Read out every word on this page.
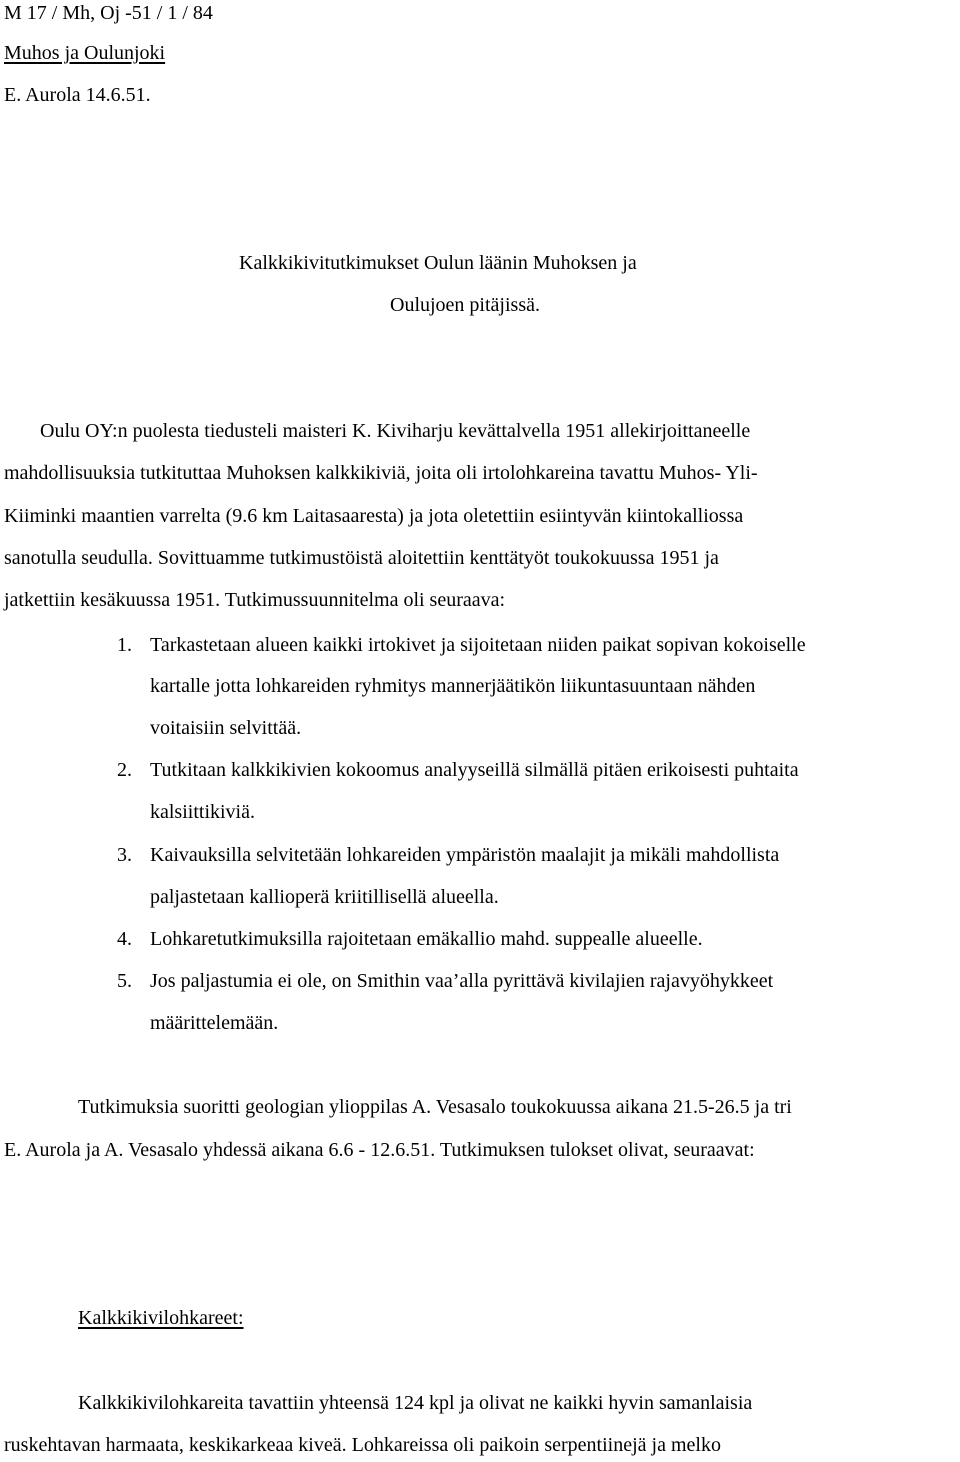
M 17 / Mh, Oj -51 / 1 / 84
Muhos ja Oulunjoki
E. Aurola 14.6.51.
Kalkkikivitutkimukset Oulun läänin Muhoksen ja
Oulujoen pitäjissä.
Oulu OY:n puolesta tiedusteli maisteri K. Kiviharju kevättalvella 1951 allekirjoittaneelle
mahdollisuuksia tutkituttaa Muhoksen kalkkikiviä, joita oli irtolohkareina tavattu Muhos- Yli-
Kiiminki maantien varrelta (9.6 km Laitasaaresta) ja jota oletettiin esiintyvän kiintokalliossa
sanotulla seudulla. Sovittuamme tutkimustöistä aloitettiin kenttätyöt toukokuussa 1951 ja
jatkettiin kesäkuussa 1951. Tutkimussuunnitelma oli seuraava:
1. Tarkastetaan alueen kaikki irtokivet ja sijoitetaan niiden paikat sopivan kokoiselle
kartalle jotta lohkareiden ryhmitys mannerjäätikön liikuntasuuntaan nähden
voitaisiin selvittää.
2. Tutkitaan kalkkikivien kokoomus analyyseillä silmällä pitäen erikoisesti puhtaita
kalsiittikiviä.
3. Kaivauksilla selvitetään lohkareiden ympäristön maalajit ja mikäli mahdollista
paljastetaan kallioperä kriitillisellä alueella.
4. Lohkaretutkimuksilla rajoitetaan emäkallio mahd. suppealle alueelle.
5. Jos paljastumia ei ole, on Smithin vaa’alla pyrittävä kivilajien rajavyöhykkeet
määrittelemään.
Tutkimuksia suoritti geologian ylioppilas A. Vesasalo toukokuussa aikana 21.5-26.5 ja tri
E. Aurola ja A. Vesasalo yhdessä aikana 6.6 - 12.6.51. Tutkimuksen tulokset olivat, seuraavat:
Kalkkikivilohkareet:
Kalkkikivilohkareita tavattiin yhteensä 124 kpl ja olivat ne kaikki hyvin samanlaisia
ruskehtavan harmaata, keskikarkeaa kiveä. Lohkareissa oli paikoin serpentiinejä ja melko
